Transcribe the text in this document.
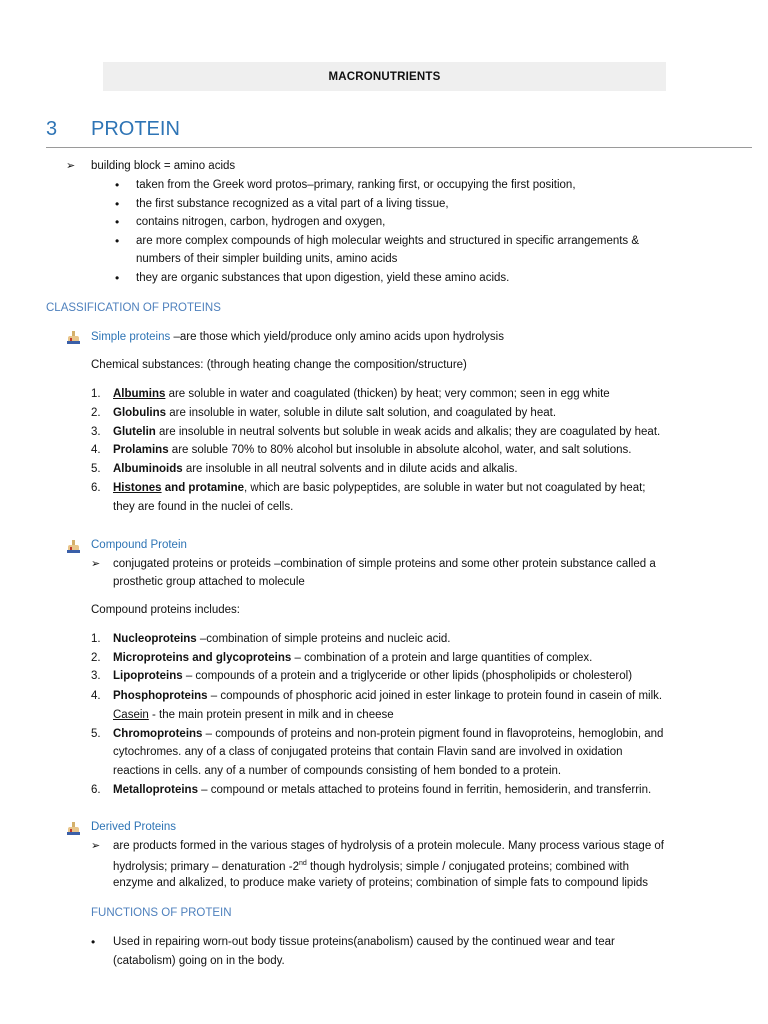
MACRONUTRIENTS
3 PROTEIN
➢ building block = amino acids
• taken from the Greek word protos–primary, ranking first, or occupying the first position,
• the first substance recognized as a vital part of a living tissue,
• contains nitrogen, carbon, hydrogen and oxygen,
• are more complex compounds of high molecular weights and structured in specific arrangements &
numbers of their simpler building units, amino acids
• they are organic substances that upon digestion, yield these amino acids.
CLASSIFICATION OF PROTEINS
Simple proteins –are those which yield/produce only amino acids upon hydrolysis
Chemical substances: (through heating change the composition/structure)
1. Albumins are soluble in water and coagulated (thicken) by heat; very common; seen in egg white
2. Globulins are insoluble in water, soluble in dilute salt solution, and coagulated by heat.
3. Glutelin are insoluble in neutral solvents but soluble in weak acids and alkalis; they are coagulated by heat.
4. Prolamins are soluble 70% to 80% alcohol but insoluble in absolute alcohol, water, and salt solutions.
5. Albuminoids are insoluble in all neutral solvents and in dilute acids and alkalis.
6. Histones and protamine, which are basic polypeptides, are soluble in water but not coagulated by heat;
they are found in the nuclei of cells.
Compound Protein
➢ conjugated proteins or proteids –combination of simple proteins and some other protein substance called a
prosthetic group attached to molecule
Compound proteins includes:
1. Nucleoproteins –combination of simple proteins and nucleic acid.
2. Microproteins and glycoproteins – combination of a protein and large quantities of complex.
3. Lipoproteins – compounds of a protein and a triglyceride or other lipids (phospholipids or cholesterol)
4. Phosphoproteins – compounds of phosphoric acid joined in ester linkage to protein found in casein of milk.
Casein - the main protein present in milk and in cheese
5. Chromoproteins – compounds of proteins and non-protein pigment found in flavoproteins, hemoglobin, and
cytochromes. any of a class of conjugated proteins that contain Flavin sand are involved in oxidation
reactions in cells. any of a number of compounds consisting of hem bonded to a protein.
6. Metalloproteins – compound or metals attached to proteins found in ferritin, hemosiderin, and transferrin.
Derived Proteins
➢ are products formed in the various stages of hydrolysis of a protein molecule. Many process various stage of
hydrolysis; primary – denaturation -2nd though hydrolysis; simple / conjugated proteins; combined with
enzyme and alkalized, to produce make variety of proteins; combination of simple fats to compound lipids
FUNCTIONS OF PROTEIN
• Used in repairing worn-out body tissue proteins(anabolism) caused by the continued wear and tear
(catabolism) going on in the body.
